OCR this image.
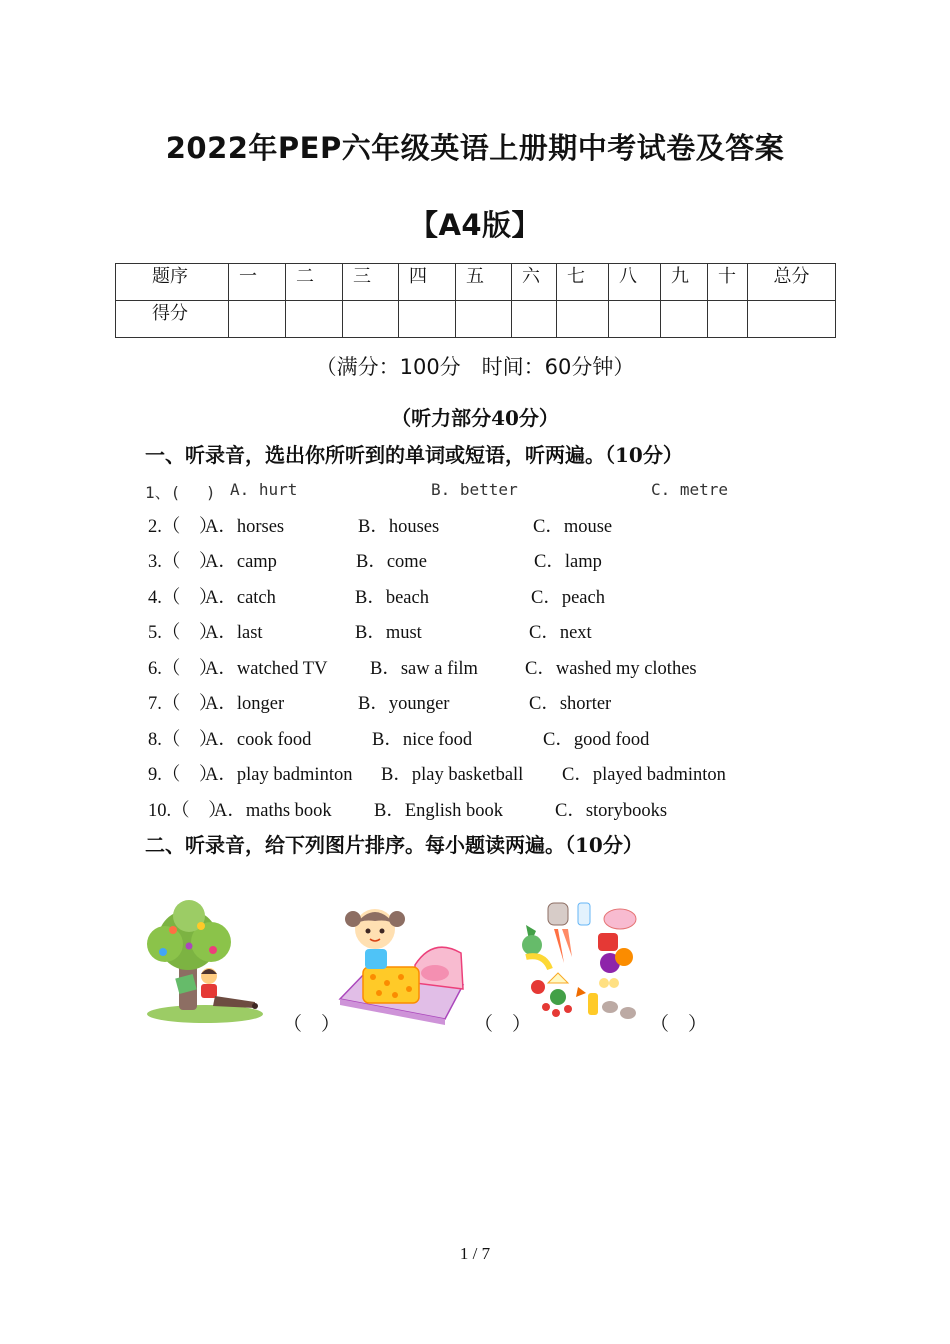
2022年PEP六年级英语上册期中考试卷及答案
【A4版】
题序	一	二	三	四	五	六	七	八	九	十	总分
得分											
（满分：100分　时间：60分钟）
（听力部分40分）
一、听录音，选出你所听到的单词或短语，听两遍。（10分）
1、(　 ) A. hurt	B. better	C. metre
2.（　）
A．horses	B．houses	C．mouse
3.（　）
A．camp	B．come	C．lamp
4.（　）
A．catch	B．beach	C．peach
5.（　）
A．last	B．must	C．next
6.（　）
A．watched TV B．saw a film	C．washed my clothes
7.（　）
A．longer	B．younger	C．shorter
8.（　）
A．cook food	B．nice food	C．good food
9.（　）
A．play badminton B．play basketball C．played badminton
10.（　）
A．maths book B．English book	C．storybooks
二、听录音，给下列图片排序。每小题读两遍。（10分）
（　）	（　）	（　）
1 / 7
